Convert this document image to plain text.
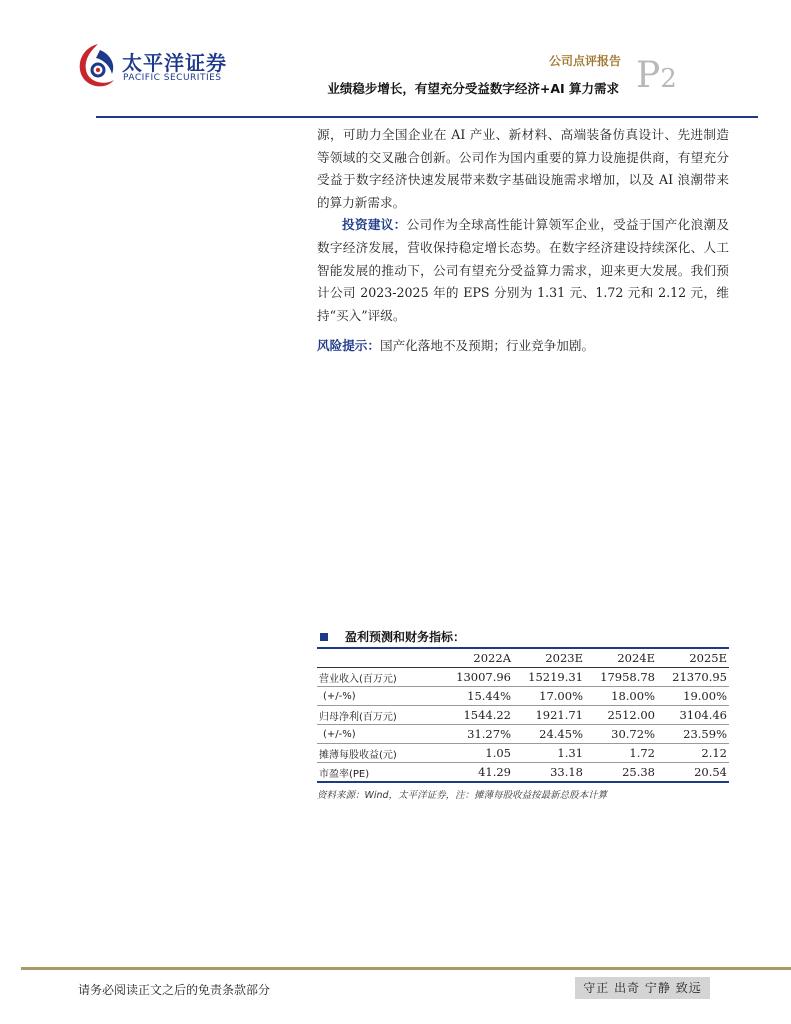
太平洋证券
PACIFIC SECURITIES
公司点评报告
业绩稳步增长，有望充分受益数字经济+AI 算力需求 P2

源，可助力全国企业在 AI 产业、新材料、高端装备仿真设计、先进制造等领域的交叉融合创新。公司作为国内重要的算力设施提供商，有望充分受益于数字经济快速发展带来数字基础设施需求增加，以及 AI 浪潮带来的算力新需求。

投资建议：公司作为全球高性能计算领军企业，受益于国产化浪潮及数字经济发展，营收保持稳定增长态势。在数字经济建设持续深化、人工智能发展的推动下，公司有望充分受益算力需求，迎来更大发展。我们预计公司 2023-2025 年的 EPS 分别为 1.31 元、1.72 元和 2.12 元，维持“买入”评级。

风险提示：国产化落地不及预期；行业竞争加剧。

盈利预测和财务指标：
	2022A	2023E	2024E	2025E
营业收入(百万元)	13007.96	15219.31	17958.78	21370.95
(+/-%)	15.44%	17.00%	18.00%	19.00%
归母净利(百万元)	1544.22	1921.71	2512.00	3104.46
(+/-%)	31.27%	24.45%	30.72%	23.59%
摊薄每股收益(元)	1.05	1.31	1.72	2.12
市盈率(PE)	41.29	33.18	25.38	20.54
资料来源：Wind，太平洋证券，注：摊薄每股收益按最新总股本计算
请务必阅读正文之后的免责条款部分	守正 出奇 宁静 致远
